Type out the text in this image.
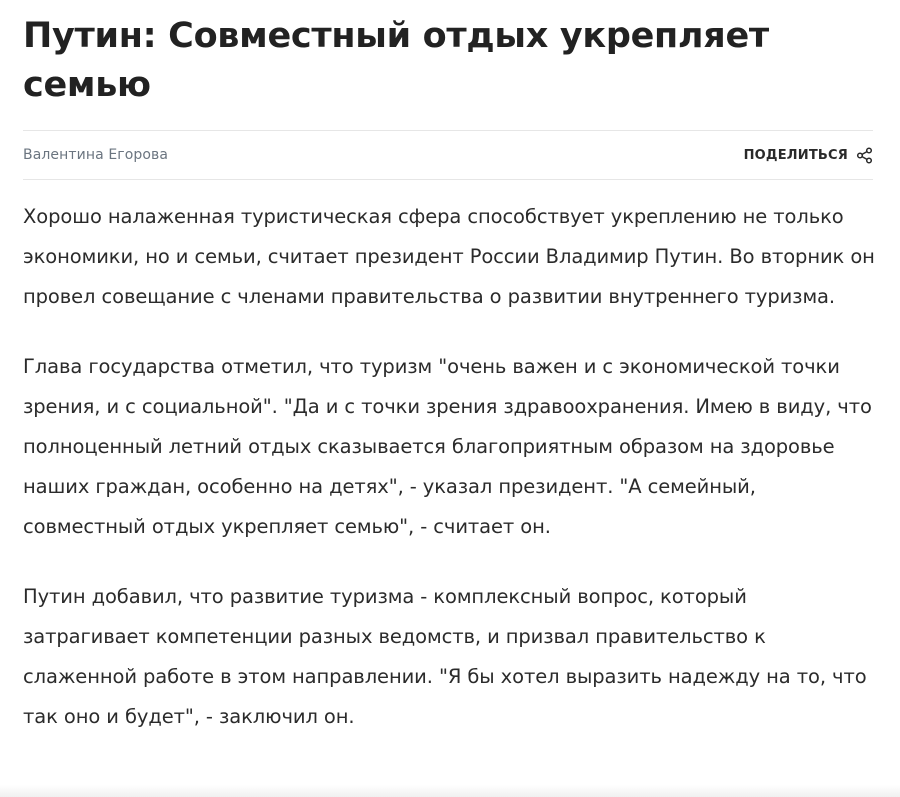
Путин: Совместный отдых укрепляет семью
Валентина Егорова	ПОДЕЛИТЬСЯ

Хорошо налаженная туристическая сфера способствует укреплению не только экономики, но и семьи, считает президент России Владимир Путин. Во вторник он провел совещание с членами правительства о развитии внутреннего туризма.

Глава государства отметил, что туризм "очень важен и с экономической точки зрения, и с социальной". "Да и с точки зрения здравоохранения. Имею в виду, что полноценный летний отдых сказывается благоприятным образом на здоровье наших граждан, особенно на детях", - указал президент. "А семейный, совместный отдых укрепляет семью", - считает он.

Путин добавил, что развитие туризма - комплексный вопрос, который затрагивает компетенции разных ведомств, и призвал правительство к слаженной работе в этом направлении. "Я бы хотел выразить надежду на то, что так оно и будет", - заключил он.
